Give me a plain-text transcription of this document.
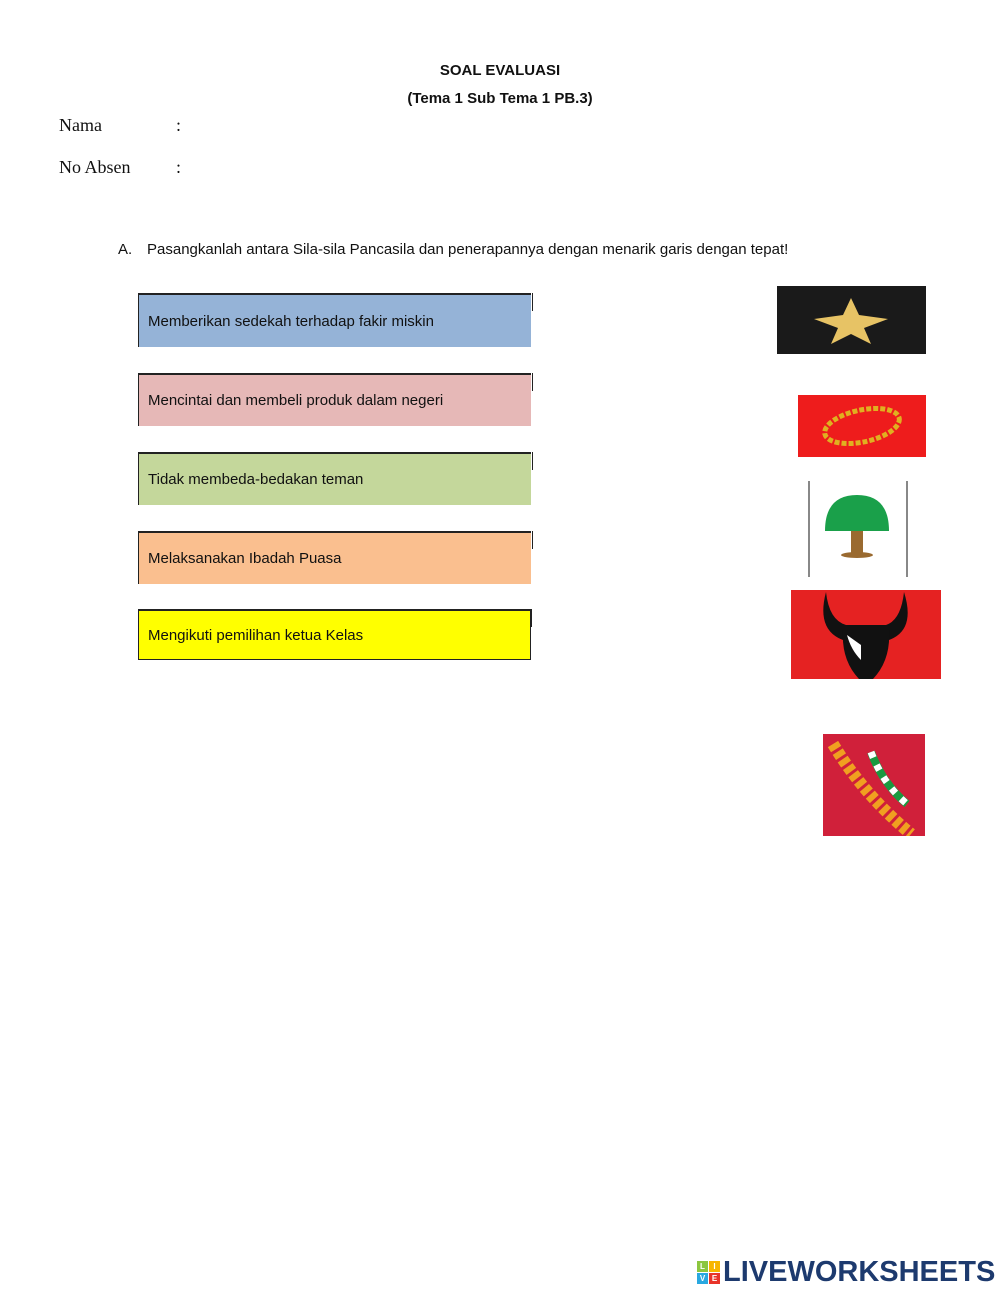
SOAL EVALUASI
(Tema 1 Sub Tema 1 PB.3)
Nama	:
No Absen	:
A. Pasangkanlah antara Sila-sila Pancasila dan penerapannya dengan menarik garis dengan tepat!
Memberikan sedekah terhadap fakir miskin
Mencintai dan membeli produk dalam negeri
Tidak membeda-bedakan teman
Melaksanakan Ibadah Puasa
Mengikuti pemilihan ketua Kelas
L	I
V E LIVEWORKSHEETS
